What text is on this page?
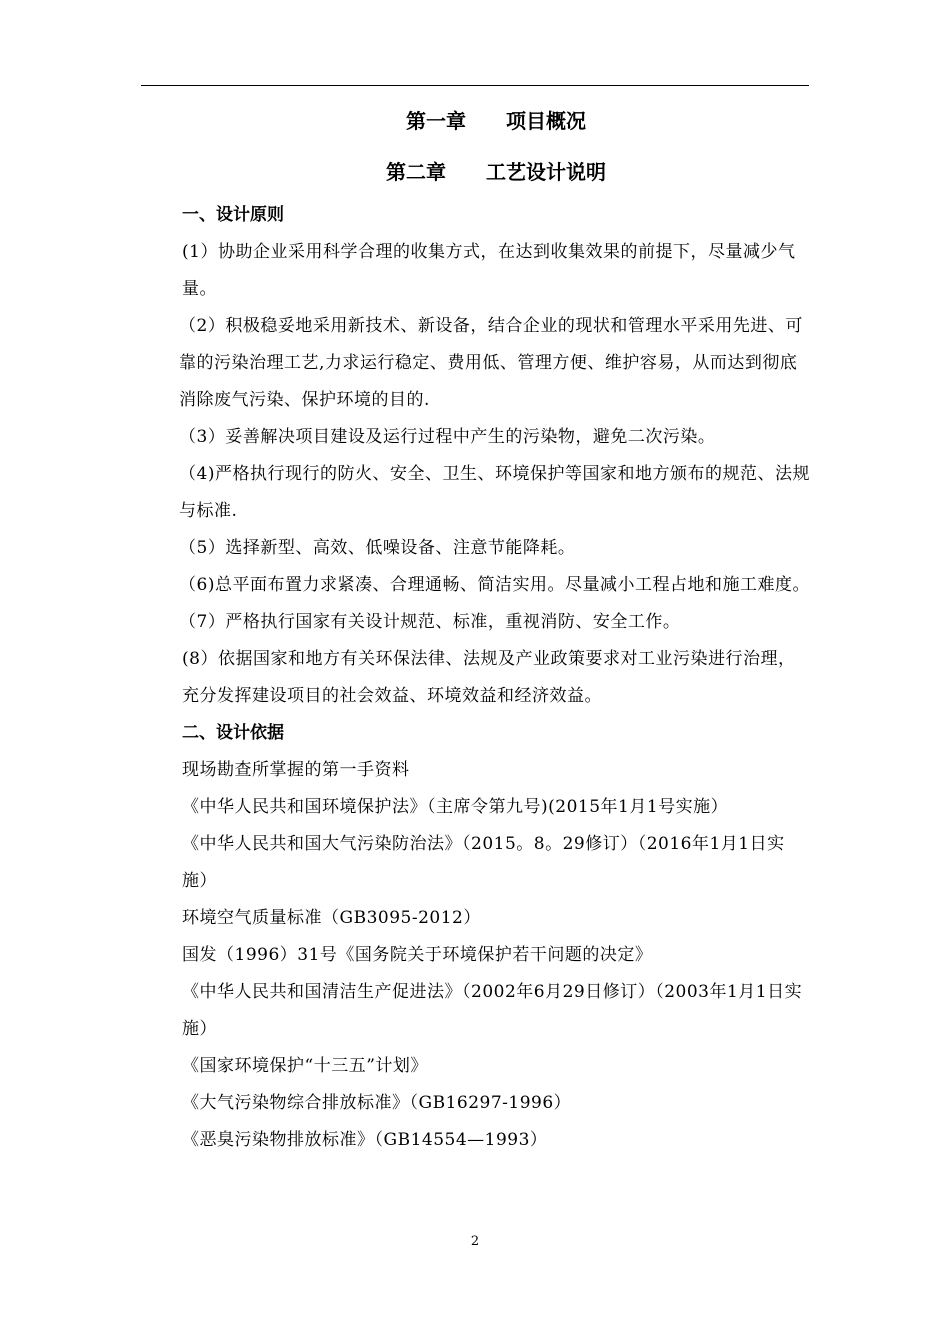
第一章　　项目概况
第二章　　工艺设计说明
一、设计原则

(1）协助企业采用科学合理的收集方式，在达到收集效果的前提下，尽量减少气量。

（2）积极稳妥地采用新技术、新设备，结合企业的现状和管理水平采用先进、可靠的污染治理工艺,力求运行稳定、费用低、管理方便、维护容易，从而达到彻底消除废气污染、保护环境的目的.

（3）妥善解决项目建设及运行过程中产生的污染物，避免二次污染。

（4)严格执行现行的防火、安全、卫生、环境保护等国家和地方颁布的规范、法规与标准.

（5）选择新型、高效、低噪设备、注意节能降耗。

（6)总平面布置力求紧凑、合理通畅、简洁实用。尽量减小工程占地和施工难度。

（7）严格执行国家有关设计规范、标准，重视消防、安全工作。

(8）依据国家和地方有关环保法律、法规及产业政策要求对工业污染进行治理，充分发挥建设项目的社会效益、环境效益和经济效益。

二、设计依据

现场勘查所掌握的第一手资料

《中华人民共和国环境保护法》（主席令第九号)(2015年1月1号实施）

《中华人民共和国大气污染防治法》（2015。8。29修订）（2016年1月1日实施）

环境空气质量标准（GB3095-2012）

国发（1996）31号《国务院关于环境保护若干问题的决定》

《中华人民共和国清洁生产促进法》（2002年6月29日修订）（2003年1月1日实施）

《国家环境保护“十三五”计划》

《大气污染物综合排放标准》（GB16297-1996）

《恶臭污染物排放标准》（GB14554—1993）

2
